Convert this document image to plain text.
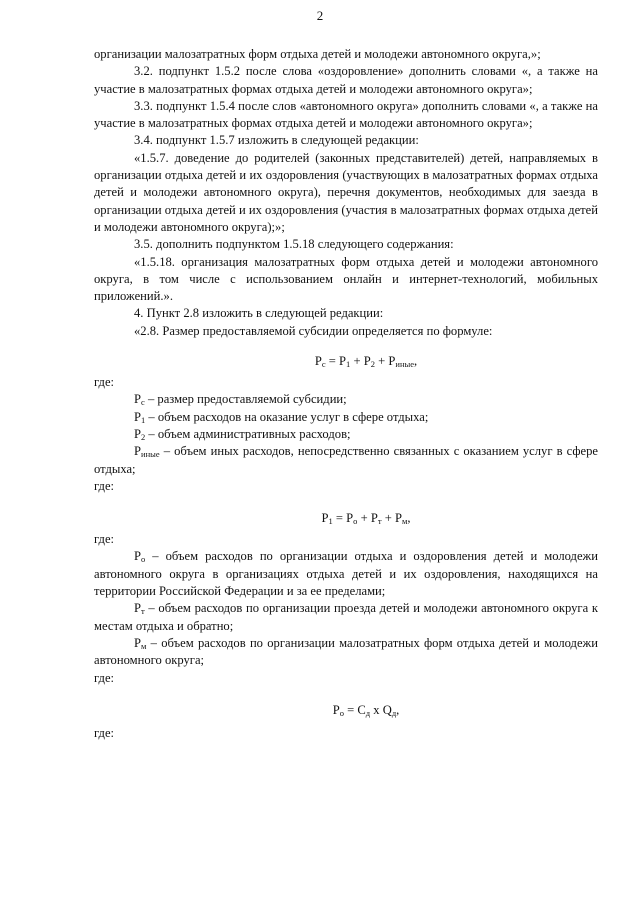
2

организации малозатратных форм отдыха детей и молодежи автономного округа,»;

3.2. подпункт 1.5.2 после слова «оздоровление» дополнить словами «, а также на участие в малозатратных формах отдыха детей и молодежи автономного округа»;

3.3. подпункт 1.5.4 после слов «автономного округа» дополнить словами «, а также на участие в малозатратных формах отдыха детей и молодежи автономного округа»;

3.4. подпункт 1.5.7 изложить в следующей редакции:

«1.5.7. доведение до родителей (законных представителей) детей, направляемых в организации отдыха детей и их оздоровления (участвующих в малозатратных формах отдыха детей и молодежи автономного округа), перечня документов, необходимых для заезда в организации отдыха детей и их оздоровления (участия в малозатратных формах отдыха детей и молодежи автономного округа);»;

3.5. дополнить подпунктом 1.5.18 следующего содержания:

«1.5.18. организация малозатратных форм отдыха детей и молодежи автономного округа, в том числе с использованием онлайн и интернет-технологий, мобильных приложений.».

4. Пункт 2.8 изложить в следующей редакции:

«2.8. Размер предоставляемой субсидии определяется по формуле:

$P_с = P_1 + P_2 + P_{иные}$,

где:

$P_с$ – размер предоставляемой субсидии;

$P_1$ – объем расходов на оказание услуг в сфере отдыха;

$P_2$ – объем административных расходов;

$P_{иные}$ – объем иных расходов, непосредственно связанных с оказанием услуг в сфере отдыха;

где:

$P_1 = P_о + P_т + P_м$,

где:

$P_о$ – объем расходов по организации отдыха и оздоровления детей и молодежи автономного округа в организациях отдыха детей и их оздоровления, находящихся на территории Российской Федерации и за ее пределами;

$P_т$ – объем расходов по организации проезда детей и молодежи автономного округа к местам отдыха и обратно;

$P_м$ – объем расходов по организации малозатратных форм отдыха детей и молодежи автономного округа;

где:

$P_о = C_д$ x $Q_д$,

где:
